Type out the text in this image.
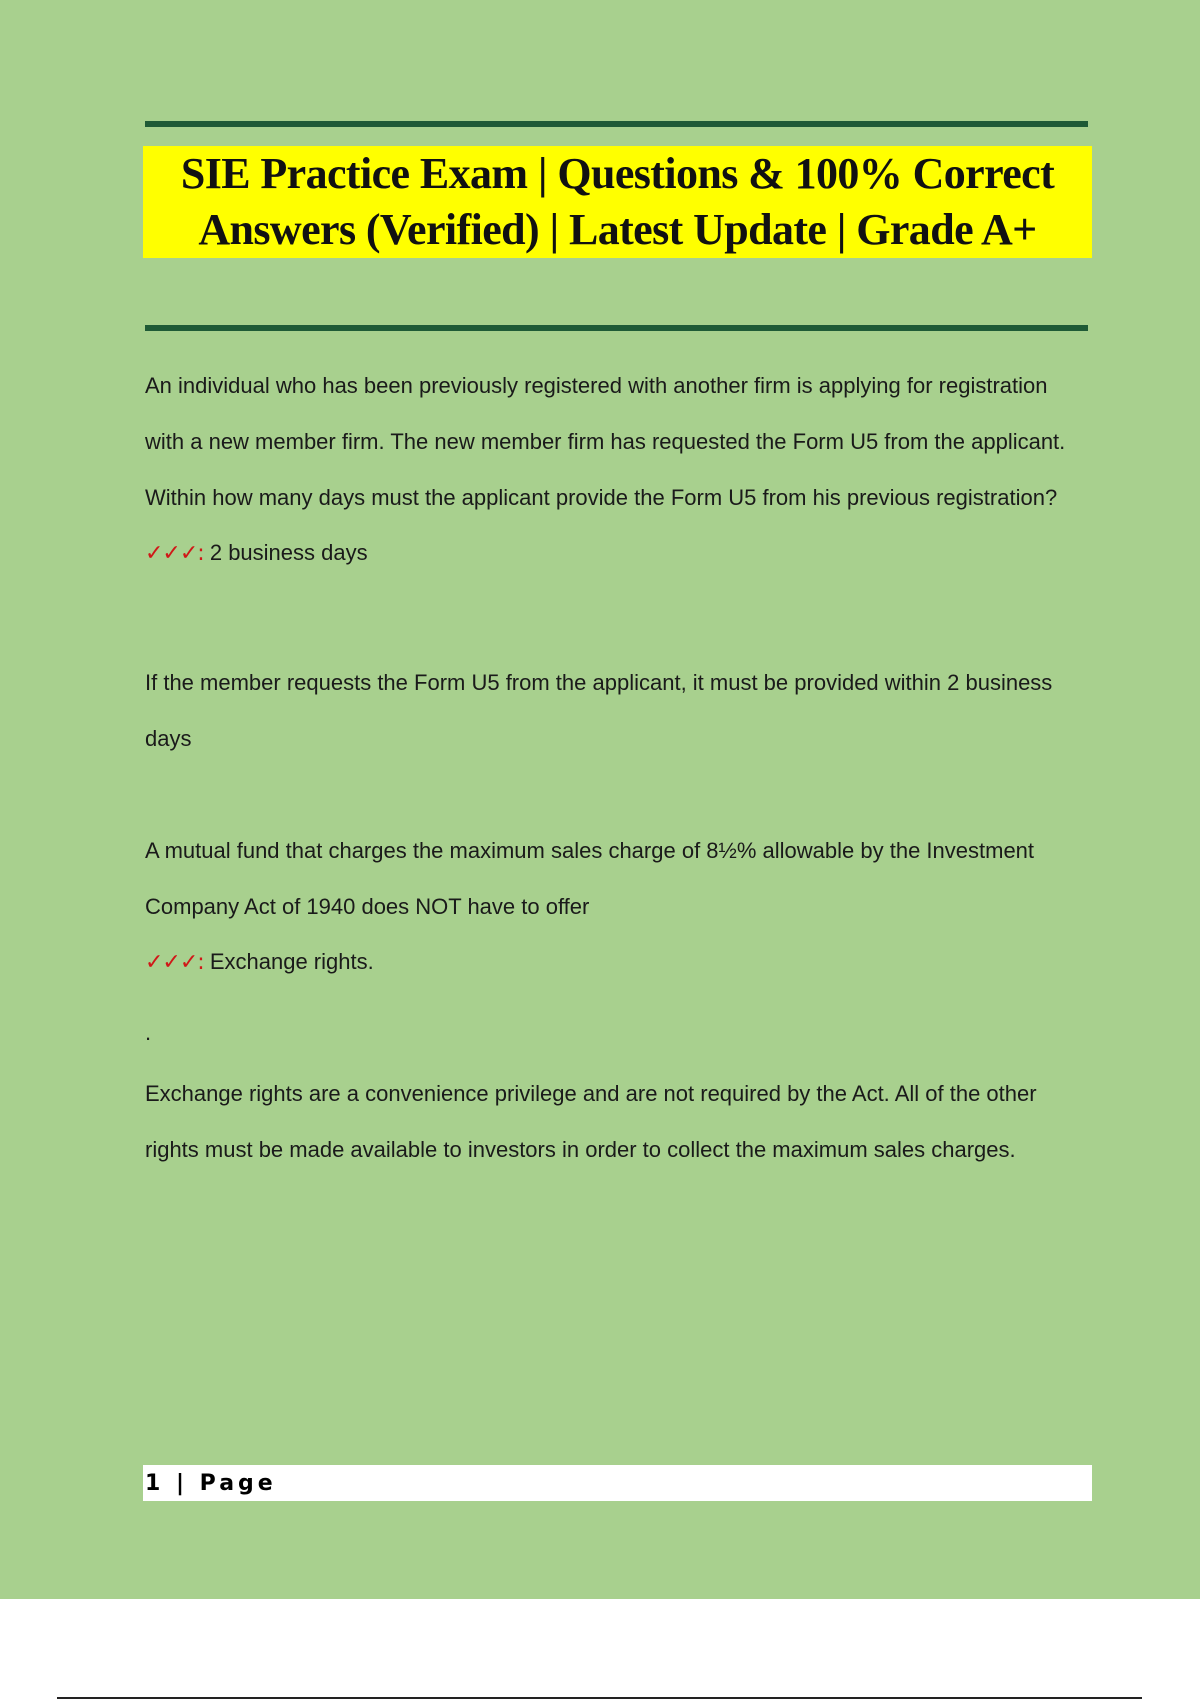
SIE Practice Exam | Questions & 100% Correct Answers (Verified) | Latest Update | Grade A+

An individual who has been previously registered with another firm is applying for registration with a new member firm. The new member firm has requested the Form U5 from the applicant. Within how many days must the applicant provide the Form U5 from his previous registration?

✓✓✓: 2 business days

If the member requests the Form U5 from the applicant, it must be provided within 2 business days

A mutual fund that charges the maximum sales charge of 8½% allowable by the Investment Company Act of 1940 does NOT have to offer

✓✓✓: Exchange rights.

.

Exchange rights are a convenience privilege and are not required by the Act. All of the other rights must be made available to investors in order to collect the maximum sales charges.

1 | Page
